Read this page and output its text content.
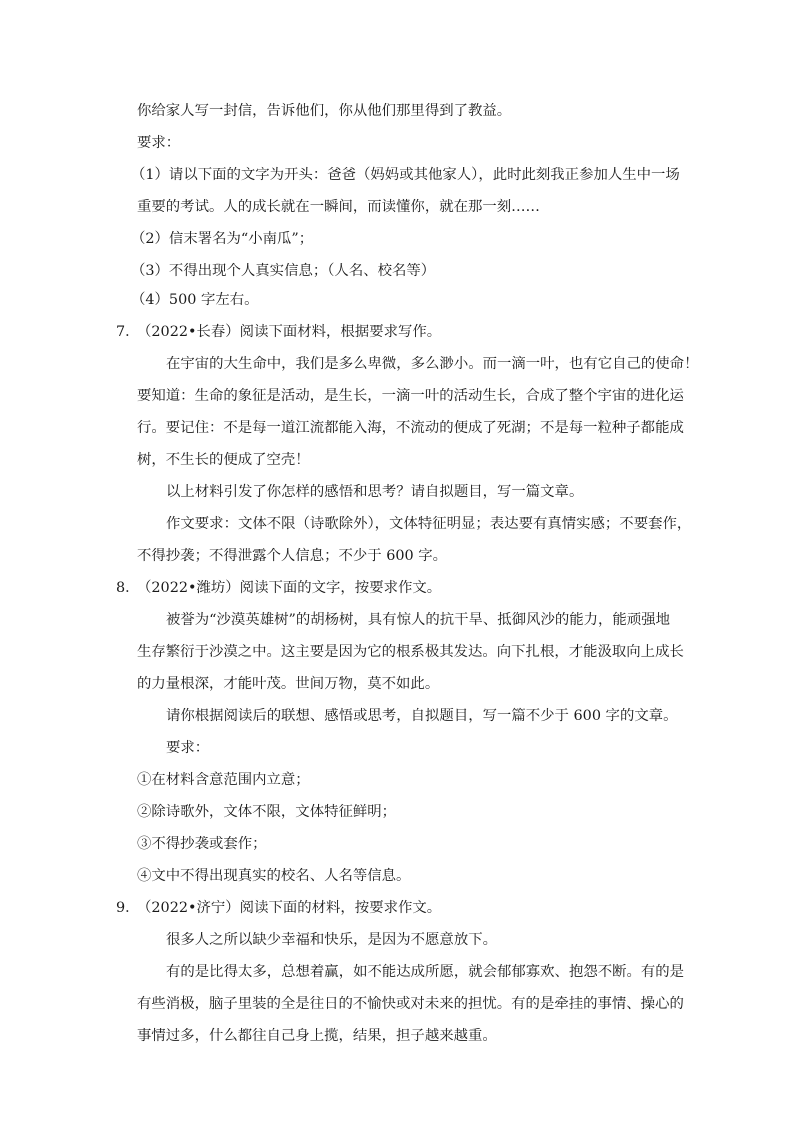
你给家人写一封信，告诉他们，你从他们那里得到了教益。
要求：
（1）请以下面的文字为开头：爸爸（妈妈或其他家人），此时此刻我正参加人生中一场
重要的考试。人的成长就在一瞬间，而读懂你，就在那一刻……
（2）信末署名为“小南瓜”；
（3）不得出现个人真实信息；（人名、校名等）
（4）500 字左右。
7．
（2022•长春）阅读下面材料，根据要求写作。
在宇宙的大生命中，我们是多么卑微，多么渺小。而一滴一叶，也有它自己的使命！
要知道：生命的象征是活动，是生长，一滴一叶的活动生长，合成了整个宇宙的进化运
行。要记住：不是每一道江流都能入海，不流动的便成了死湖；不是每一粒种子都能成
树，不生长的便成了空壳！
以上材料引发了你怎样的感悟和思考？请自拟题目，写一篇文章。
作文要求：文体不限（诗歌除外），文体特征明显；表达要有真情实感；不要套作，
不得抄袭；不得泄露个人信息；不少于 600 字。
8．
（2022•潍坊）阅读下面的文字，按要求作文。
被誉为“沙漠英雄树”的胡杨树，具有惊人的抗干旱、抵御风沙的能力，能顽强地
生存繁衍于沙漠之中。这主要是因为它的根系极其发达。向下扎根，才能汲取向上成长
的力量根深，才能叶茂。世间万物，莫不如此。
请你根据阅读后的联想、感悟或思考，自拟题目，写一篇不少于 600 字的文章。
要求：
①在材料含意范围内立意；
②除诗歌外，文体不限，文体特征鲜明；
③不得抄袭或套作；
④文中不得出现真实的校名、人名等信息。
9．
（2022•济宁）阅读下面的材料，按要求作文。
很多人之所以缺少幸福和快乐，是因为不愿意放下。
有的是比得太多，总想着赢，如不能达成所愿，就会郁郁寡欢、抱怨不断。有的是
有些消极，脑子里装的全是往日的不愉快或对未来的担忧。有的是牵挂的事情、操心的
事情过多，什么都往自己身上揽，结果，担子越来越重。
